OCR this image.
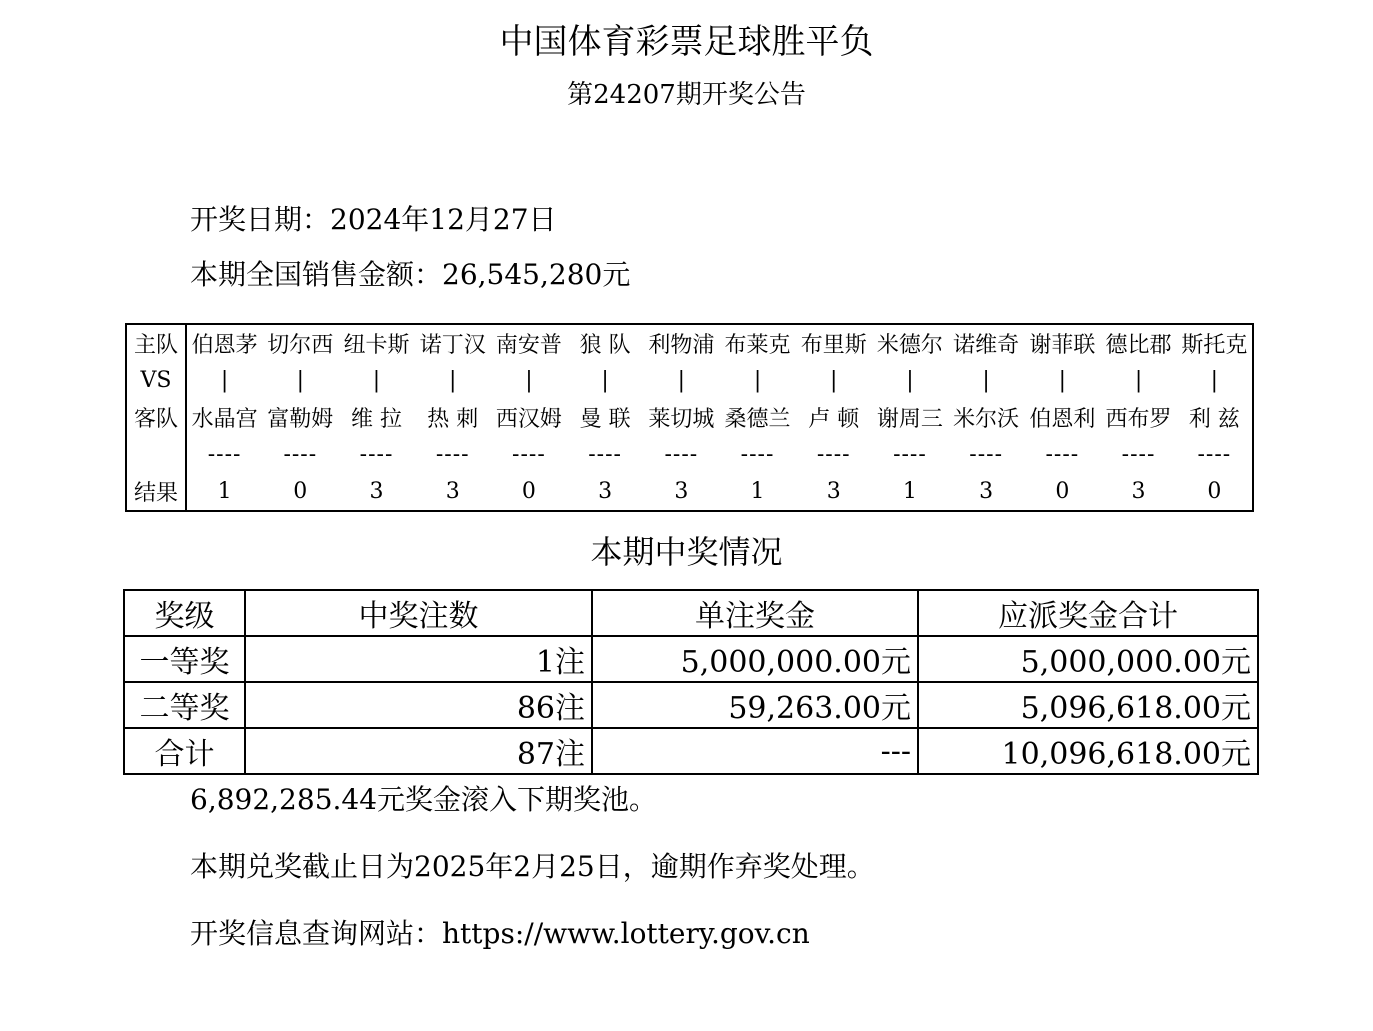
中国体育彩票足球胜平负
第24207期开奖公告
开奖日期：2024年12月27日
本期全国销售金额：26,545,280元
主队	伯恩茅	切尔西	纽卡斯	诺丁汉	南安普	狼 队	利物浦	布莱克	布里斯	米德尔	诺维奇	谢菲联	德比郡	斯托克
VS	|	|	|	|	|	|	|	|	|	|	|	|	|	|
客队	水晶宫	富勒姆	维 拉	热 刺	西汉姆	曼 联	莱切城	桑德兰	卢 顿	谢周三	米尔沃	伯恩利	西布罗	利 兹
	----	----	----	----	----	----	----	----	----	----	----	----	----	----
结果	1	0	3	3	0	3	3	1	3	1	3	0	3	0
本期中奖情况
奖级	中奖注数	单注奖金	应派奖金合计
一等奖	1注	5,000,000.00元	5,000,000.00元
二等奖	86注	59,263.00元	5,096,618.00元
合计	87注	---	10,096,618.00元
6,892,285.44元奖金滚入下期奖池。
本期兑奖截止日为2025年2月25日，逾期作弃奖处理。
开奖信息查询网站：https://www.lottery.gov.cn
